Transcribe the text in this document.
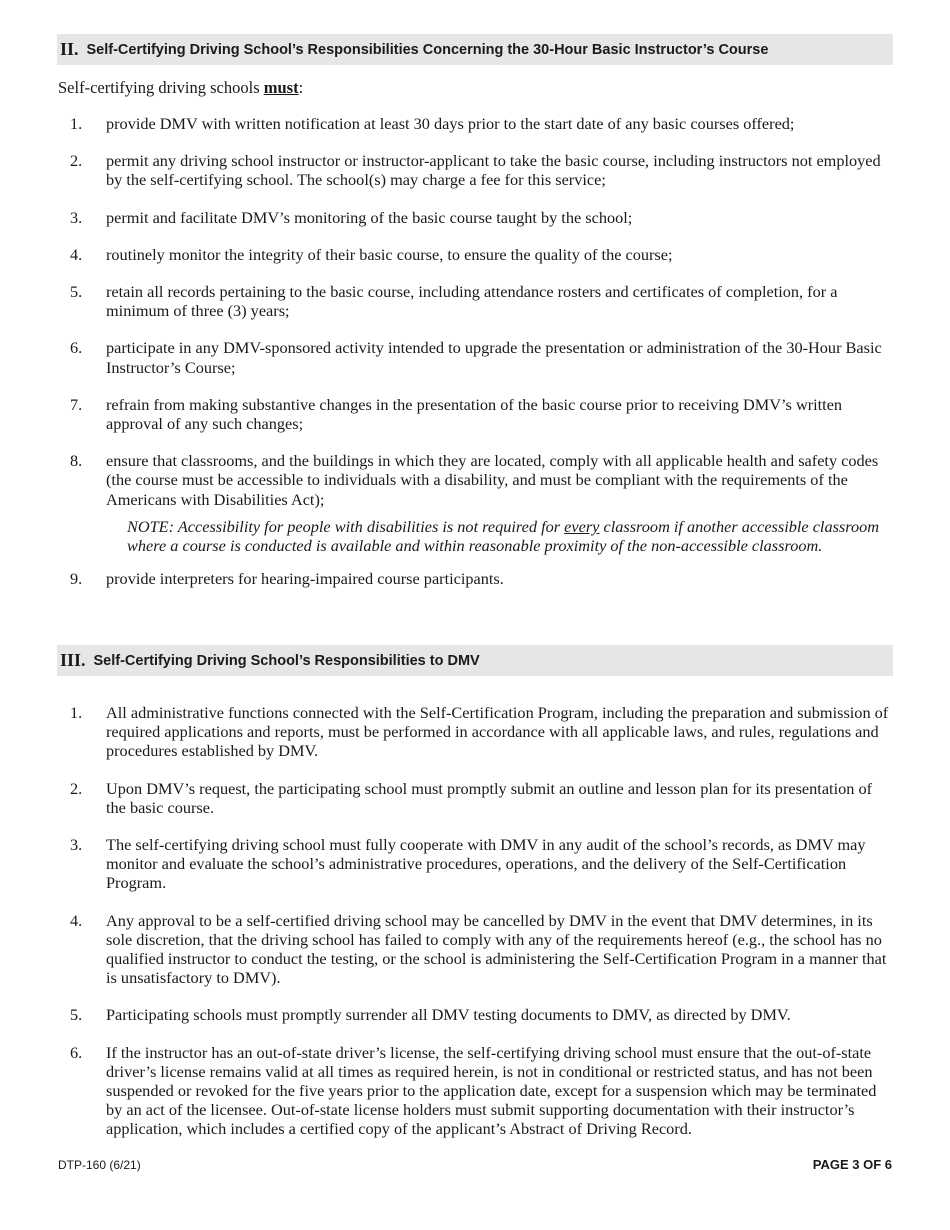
II. Self-Certifying Driving School’s Responsibilities Concerning the 30-Hour Basic Instructor’s Course
Self-certifying driving schools must:
1. provide DMV with written notification at least 30 days prior to the start date of any basic courses offered;
2. permit any driving school instructor or instructor-applicant to take the basic course, including instructors not employed by the self-certifying school. The school(s) may charge a fee for this service;
3. permit and facilitate DMV’s monitoring of the basic course taught by the school;
4. routinely monitor the integrity of their basic course, to ensure the quality of the course;
5. retain all records pertaining to the basic course, including attendance rosters and certificates of completion, for a minimum of three (3) years;
6. participate in any DMV-sponsored activity intended to upgrade the presentation or administration of the 30-Hour Basic Instructor’s Course;
7. refrain from making substantive changes in the presentation of the basic course prior to receiving DMV’s written approval of any such changes;
8. ensure that classrooms, and the buildings in which they are located, comply with all applicable health and safety codes (the course must be accessible to individuals with a disability, and must be compliant with the requirements of the Americans with Disabilities Act);
NOTE: Accessibility for people with disabilities is not required for every classroom if another accessible classroom where a course is conducted is available and within reasonable proximity of the non-accessible classroom.
9. provide interpreters for hearing-impaired course participants.
III. Self-Certifying Driving School’s Responsibilities to DMV
1. All administrative functions connected with the Self-Certification Program, including the preparation and submission of required applications and reports, must be performed in accordance with all applicable laws, and rules, regulations and procedures established by DMV.
2. Upon DMV’s request, the participating school must promptly submit an outline and lesson plan for its presentation of the basic course.
3. The self-certifying driving school must fully cooperate with DMV in any audit of the school’s records, as DMV may monitor and evaluate the school’s administrative procedures, operations, and the delivery of the Self-Certification Program.
4. Any approval to be a self-certified driving school may be cancelled by DMV in the event that DMV determines, in its sole discretion, that the driving school has failed to comply with any of the requirements hereof (e.g., the school has no qualified instructor to conduct the testing, or the school is administering the Self-Certification Program in a manner that is unsatisfactory to DMV).
5. Participating schools must promptly surrender all DMV testing documents to DMV, as directed by DMV.
6. If the instructor has an out-of-state driver’s license, the self-certifying driving school must ensure that the out-of-state driver’s license remains valid at all times as required herein, is not in conditional or restricted status, and has not been suspended or revoked for the five years prior to the application date, except for a suspension which may be terminated by an act of the licensee. Out-of-state license holders must submit supporting documentation with their instructor’s application, which includes a certified copy of the applicant’s Abstract of Driving Record.
DTP-160 (6/21)	PAGE 3 OF 6
